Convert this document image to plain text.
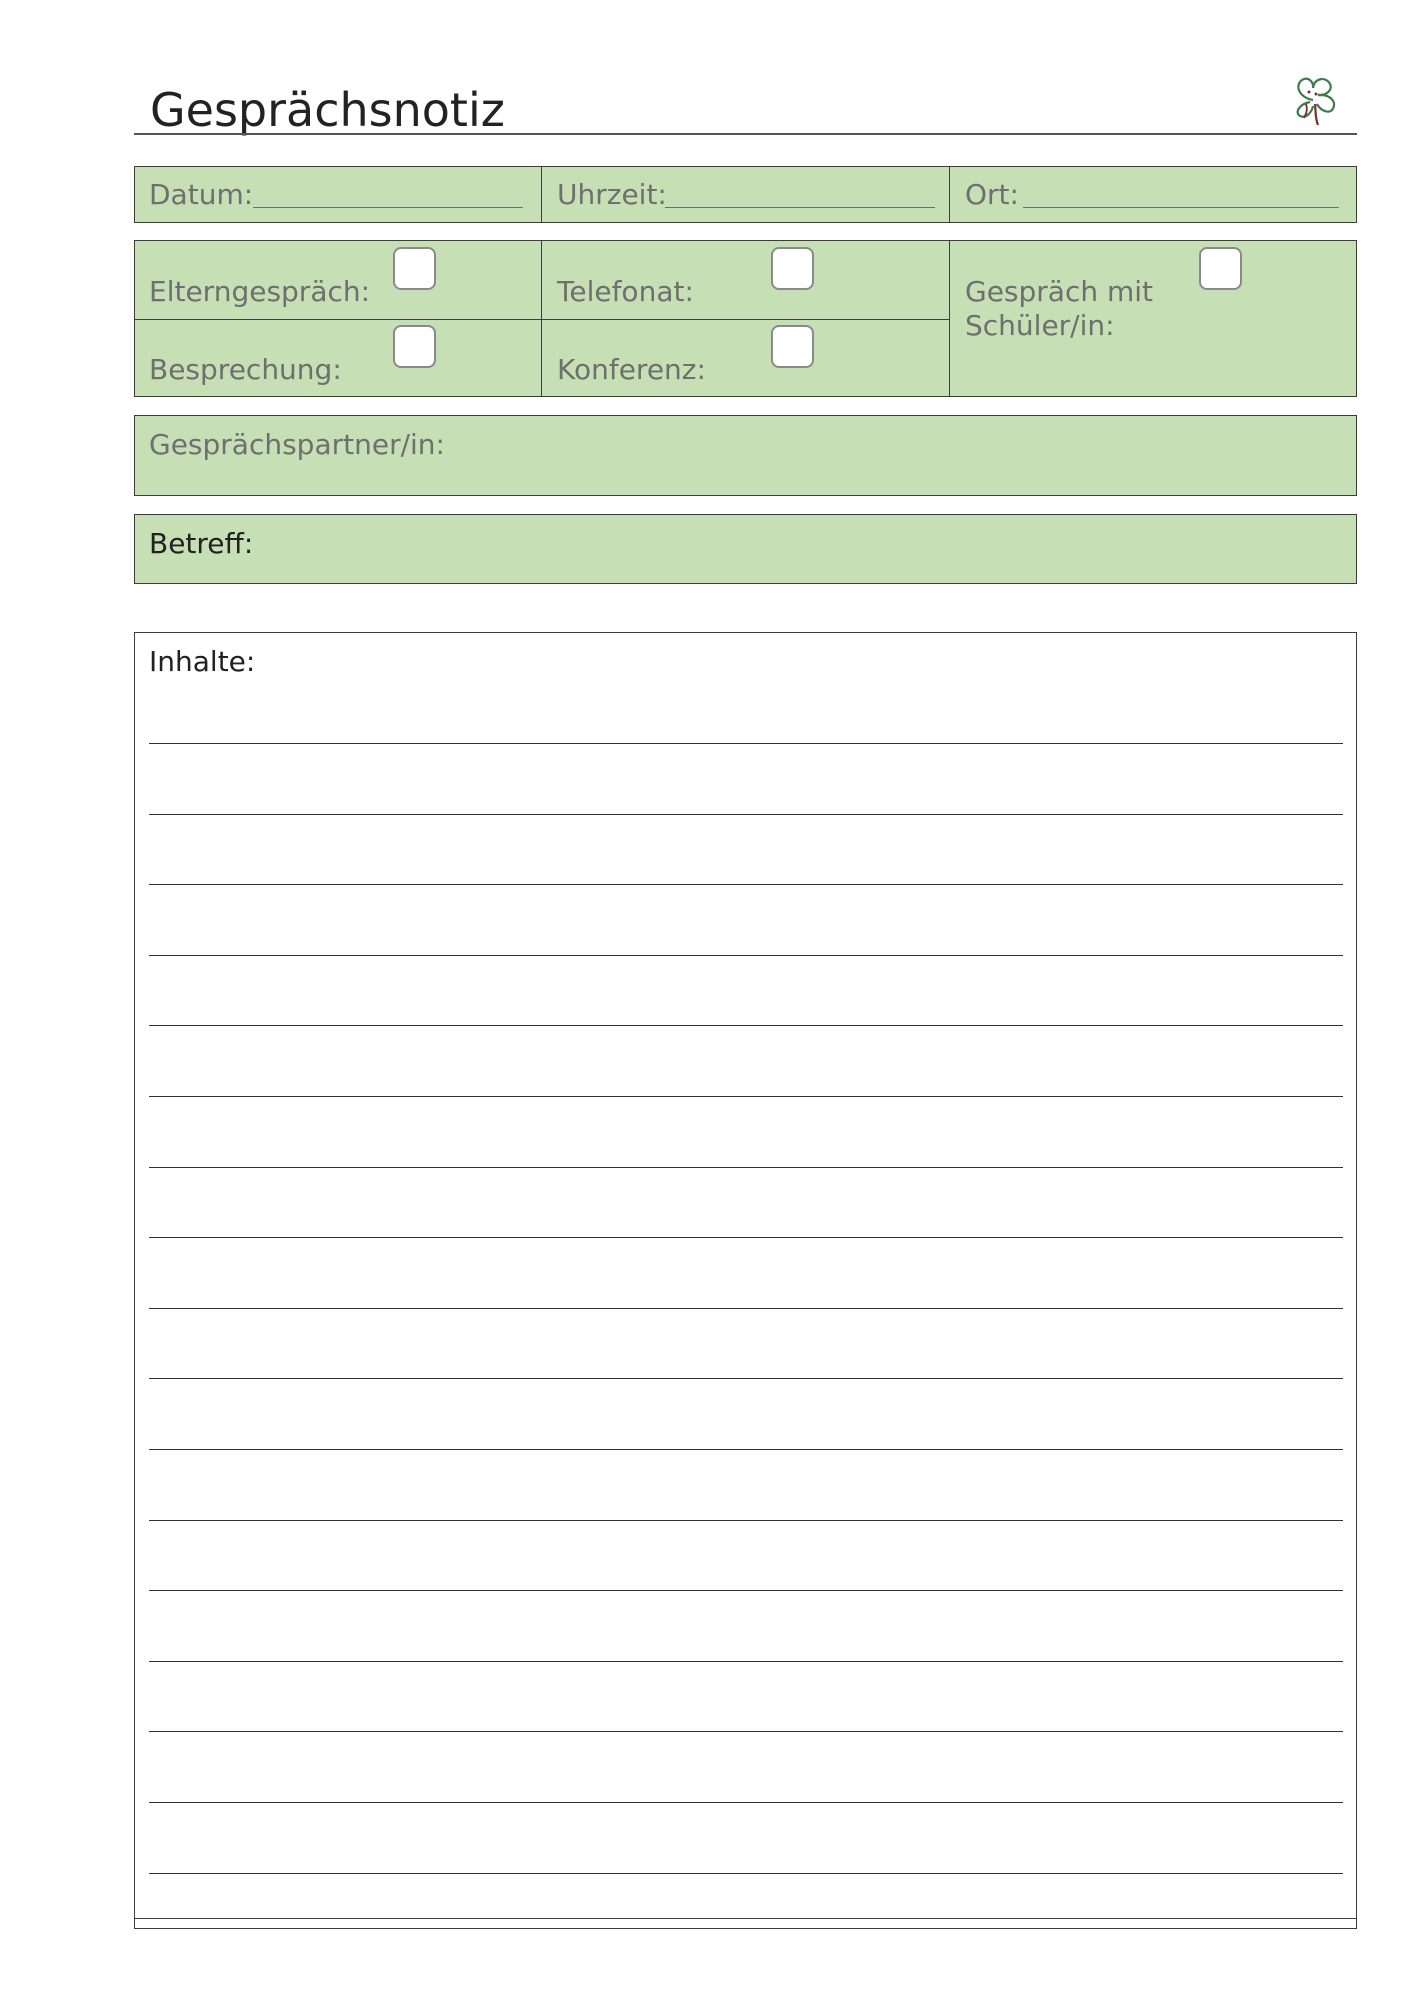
Gesprächsnotiz
Datum:	Uhrzeit:	Ort:
Elterngespräch:	Telefonat:	Gespräch mit Schüler/in:
Besprechung:	Konferenz:
Gesprächspartner/in:
Betreff:
Inhalte:
